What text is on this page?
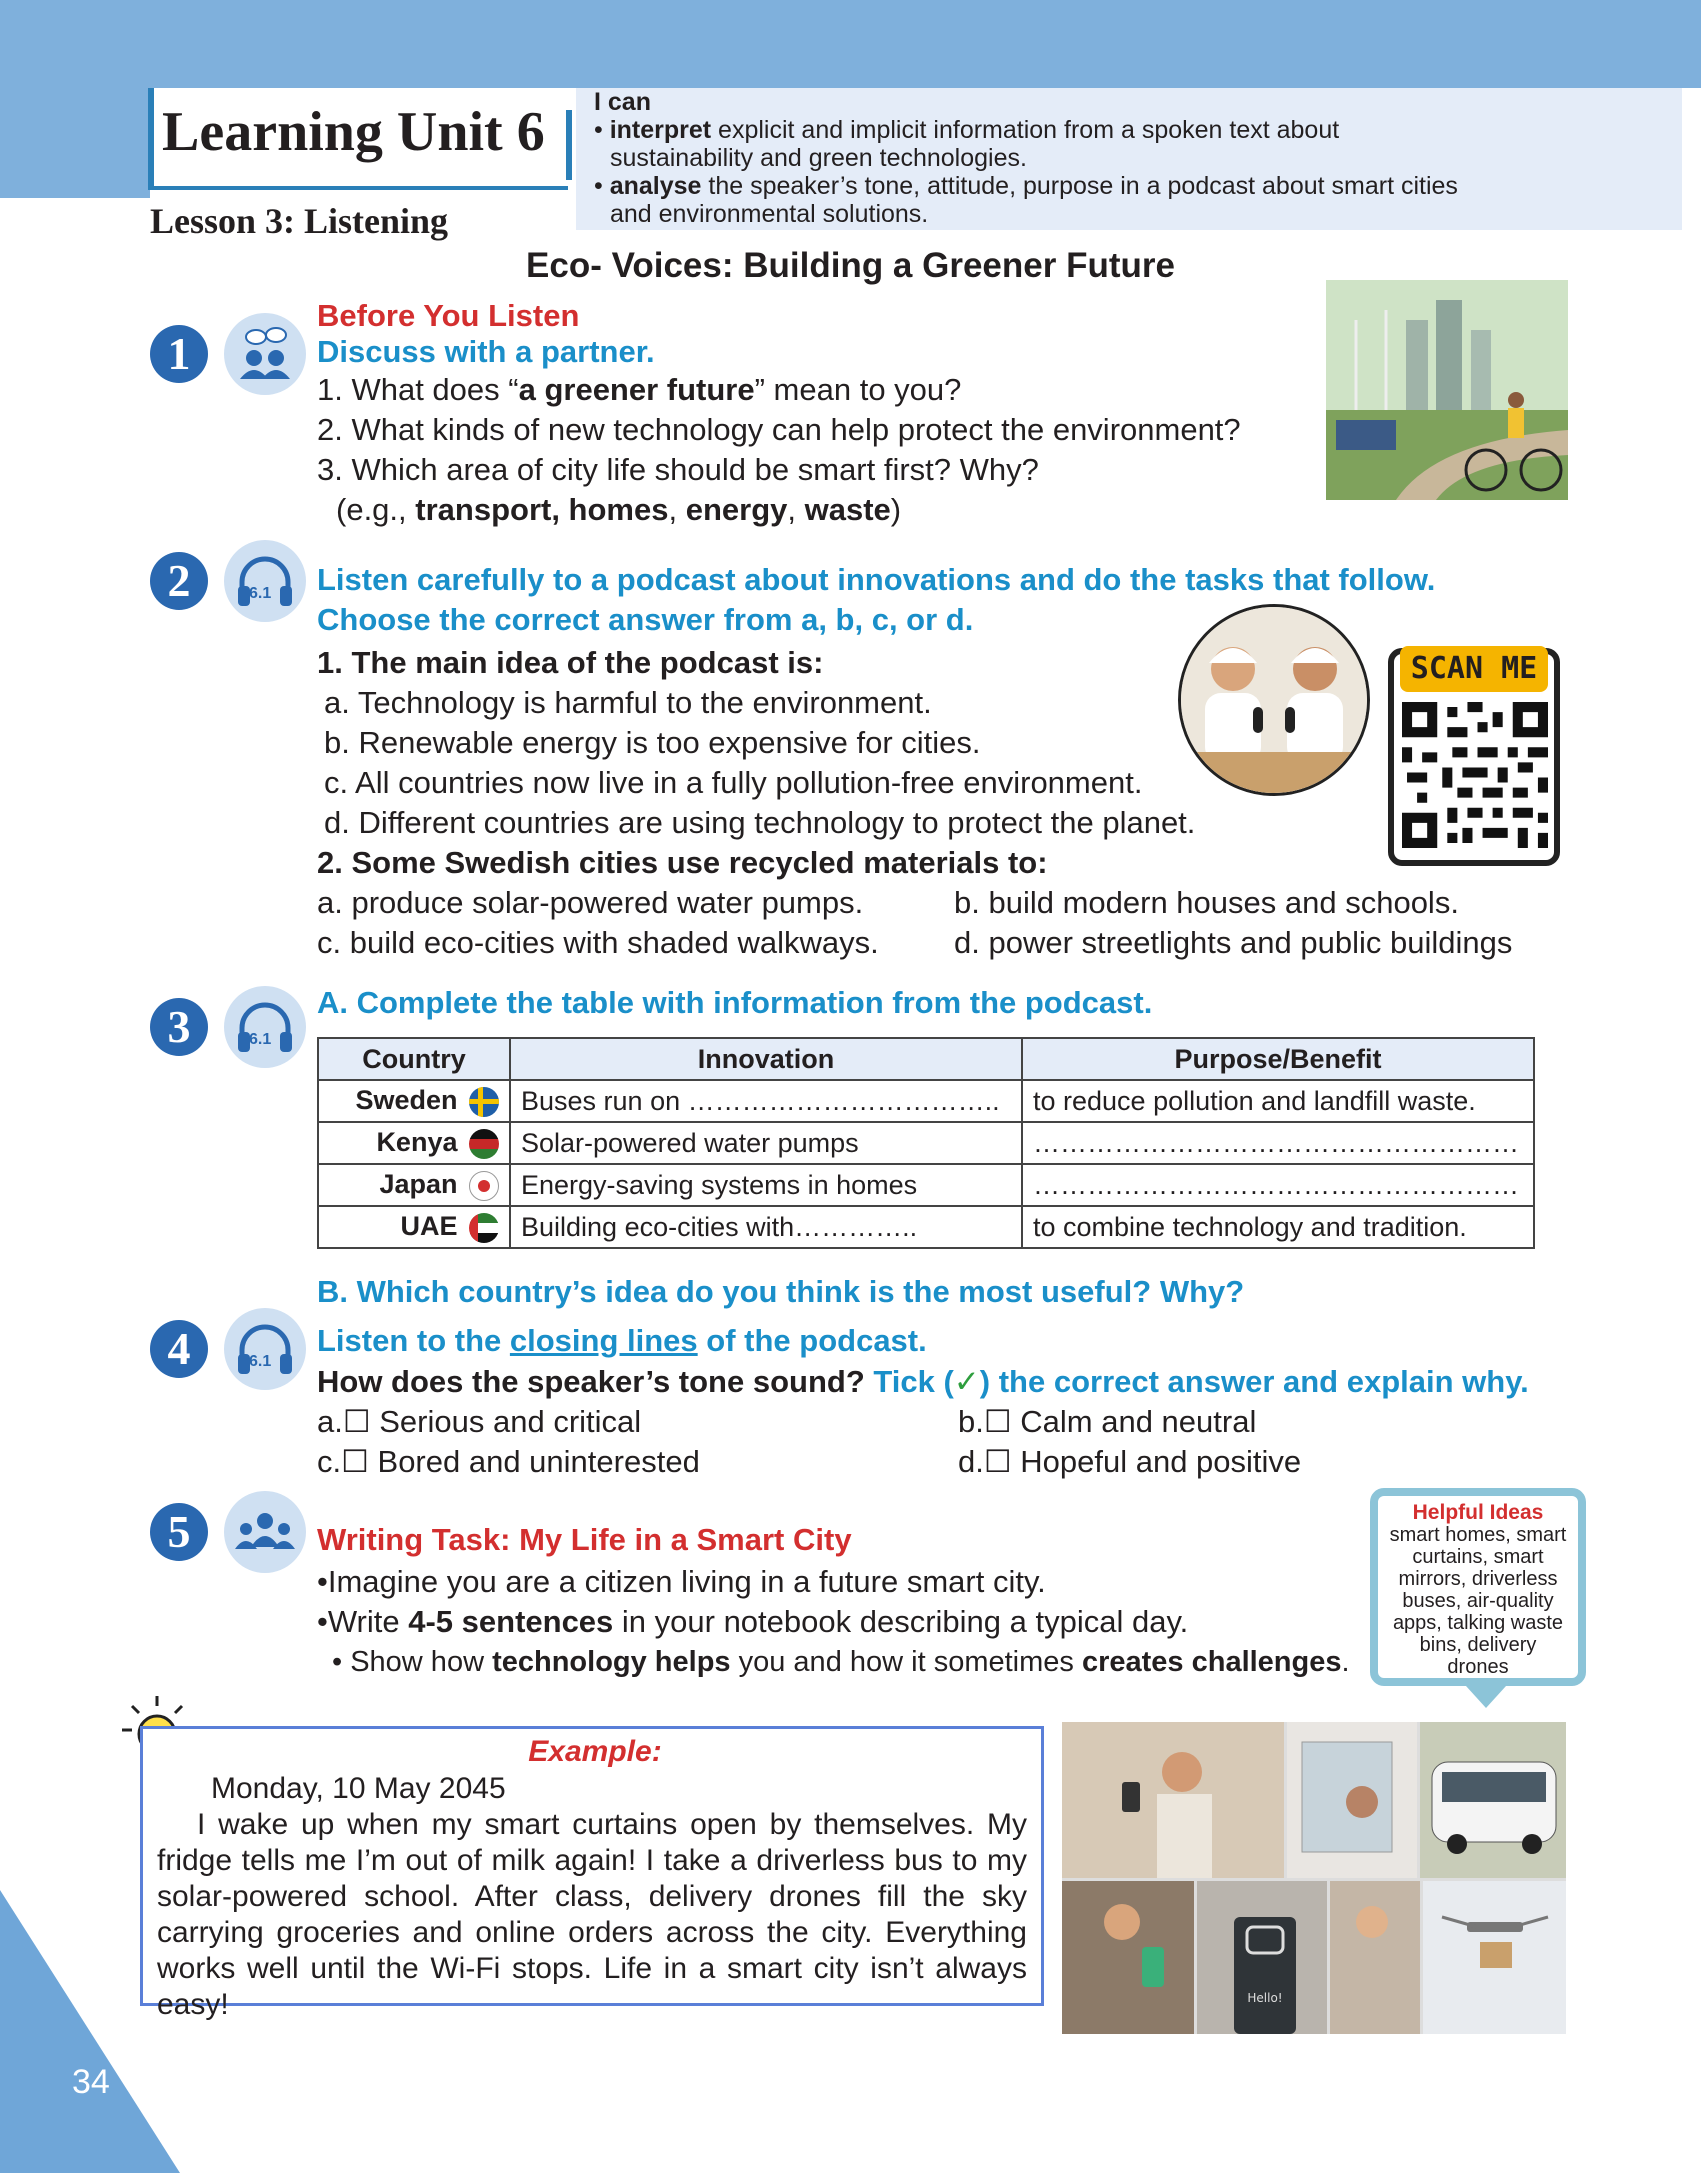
34
Learning Unit 6
Lesson 3: Listening
I can
• interpret explicit and implicit information from a spoken text about
sustainability and green technologies.
• analyse the speaker’s tone, attitude, purpose in a podcast about smart cities
and environmental solutions.
Eco- Voices: Building a Greener Future
1
Before You Listen
Discuss with a partner.
1. What does “a greener future” mean to you?
2. What kinds of new technology can help protect the environment?
3. Which area of city life should be smart first? Why?
(e.g., transport, homes, energy, waste)
2	6.1 Listen carefully to a podcast about innovations and do the tasks that follow.
Choose the correct answer from a, b, c, or d.
1. The main idea of the podcast is:
a. Technology is harmful to the environment.
b. Renewable energy is too expensive for cities.
c. All countries now live in a fully pollution-free environment.
d. Different countries are using technology to protect the planet.
2. Some Swedish cities use recycled materials to:
a. produce solar-powered water pumps.	b. build modern houses and schools.
c. build eco-cities with shaded walkways. d. power streetlights and public buildings
SCAN ME
3	6.1
A. Complete the table with information from the podcast.
Country	Innovation	Purpose/Benefit
Sweden	Buses run on ……………………………..	to reduce pollution and landfill waste.
Kenya	Solar-powered water pumps	………………………………………………
Japan	Energy-saving systems in homes	………………………………………………
UAE	Building eco-cities with…………..	to combine technology and tradition.
B. Which country’s idea do you think is the most useful? Why?
4	6.1
Listen to the closing lines of the podcast.
How does the speaker’s tone sound? Tick (✓) the correct answer and explain why.
a.☐ Serious and critical	b.☐ Calm and neutral
c.☐ Bored and uninterested	d.☐ Hopeful and positive
5	Writing Task: My Life in a Smart City
•Imagine you are a citizen living in a future smart city.
•Write 4-5 sentences in your notebook describing a typical day.
• Show how technology helps you and how it sometimes creates challenges.
Helpful Ideas
smart homes, smart
curtains, smart
mirrors, driverless
buses, air-quality
apps, talking waste
bins, delivery
drones
Example:
Monday, 10 May 2045
I wake up when my smart curtains open by themselves. My fridge tells me I’m out of milk again! I take a driverless bus to my solar-powered school. After class, delivery drones fill the sky carrying groceries and online orders across the city. Everything works well until the Wi-Fi stops. Life in a smart city isn’t always easy!	Hello!
